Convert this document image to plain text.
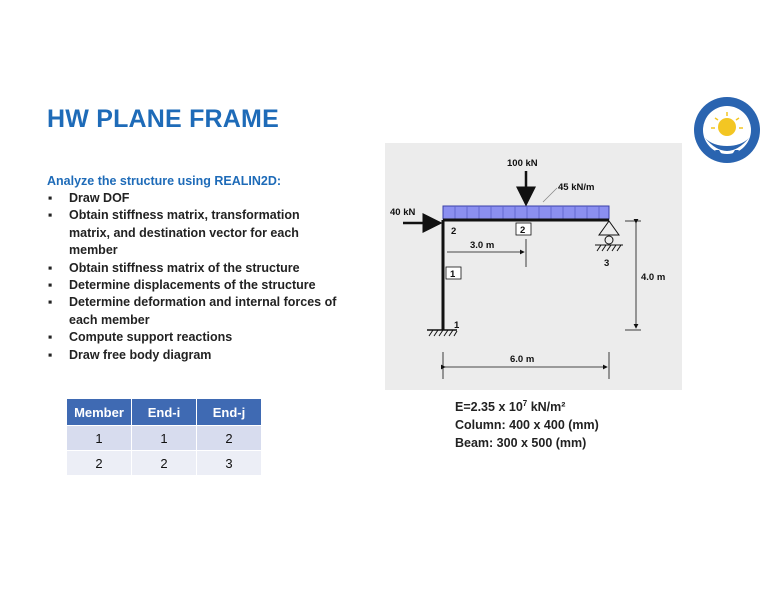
HW PLANE FRAME
Analyze the structure using REALIN2D:
▪ Draw DOF
▪ Obtain stiffness matrix, transformation matrix, and destination vector for each member
▪ Obtain stiffness matrix of the structure
▪ Determine displacements of the structure
▪ Determine deformation and internal forces of each member
▪ Compute support reactions
▪ Draw free body diagram
100 kN
45 kN/m
40 kN
2
1
3
2
1
3.0 m
4.0 m
6.0 m
E=2.35 x $10^7$ kN/m²
Column: 400 x 400 (mm)
Beam: 300 x 500 (mm)
Member	End-i	End-j
1	1	2
2	2	3
